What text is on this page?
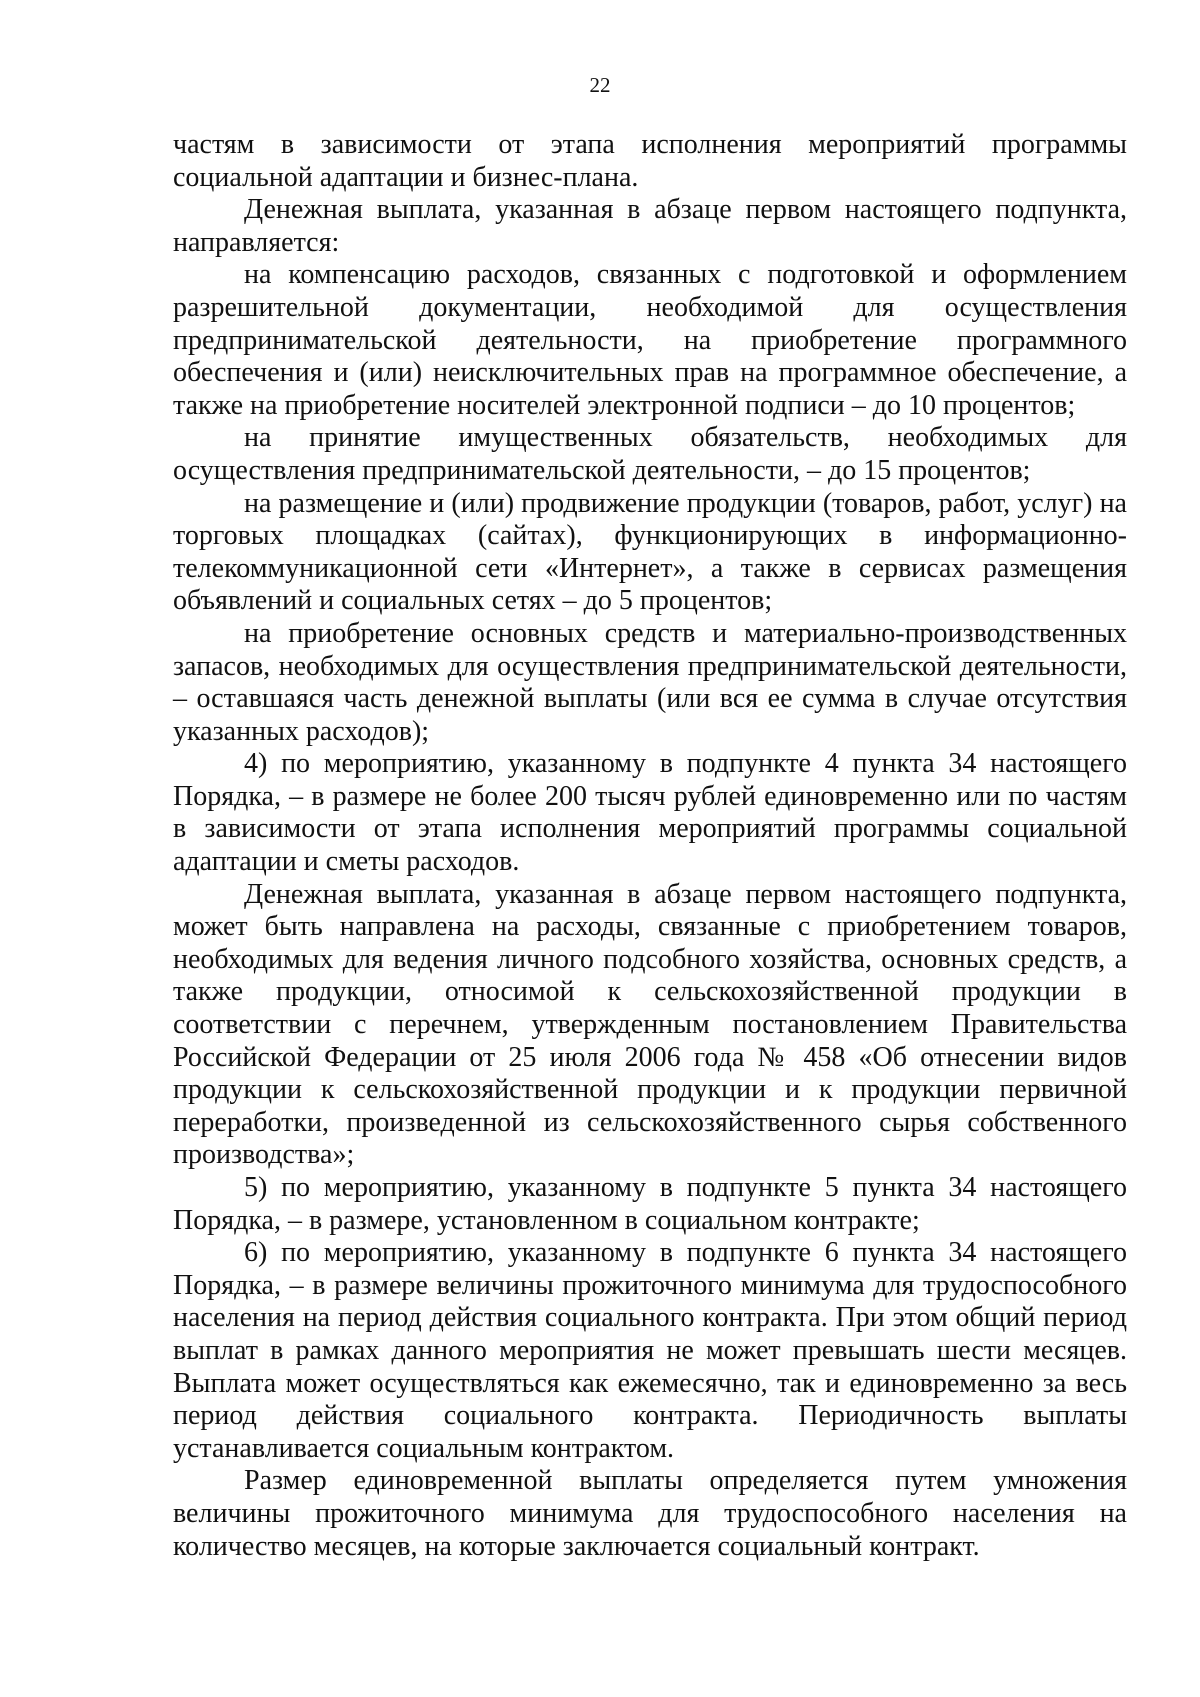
22

частям в зависимости от этапа исполнения мероприятий программы социальной адаптации и бизнес-плана.

Денежная выплата, указанная в абзаце первом настоящего подпункта, направляется:

на компенсацию расходов, связанных с подготовкой и оформлением разрешительной документации, необходимой для осуществления предпринимательской деятельности, на приобретение программного обеспечения и (или) неисключительных прав на программное обеспечение, а также на приобретение носителей электронной подписи – до 10 процентов;

на принятие имущественных обязательств, необходимых для осуществления предпринимательской деятельности, – до 15 процентов;

на размещение и (или) продвижение продукции (товаров, работ, услуг) на торговых площадках (сайтах), функционирующих в информационно-телекоммуникационной сети «Интернет», а также в сервисах размещения объявлений и социальных сетях – до 5 процентов;

на приобретение основных средств и материально-производственных запасов, необходимых для осуществления предпринимательской деятельности, – оставшаяся часть денежной выплаты (или вся ее сумма в случае отсутствия указанных расходов);

4) по мероприятию, указанному в подпункте 4 пункта 34 настоящего Порядка, – в размере не более 200 тысяч рублей единовременно или по частям в зависимости от этапа исполнения мероприятий программы социальной адаптации и сметы расходов.

Денежная выплата, указанная в абзаце первом настоящего подпункта, может быть направлена на расходы, связанные с приобретением товаров, необходимых для ведения личного подсобного хозяйства, основных средств, а также продукции, относимой к сельскохозяйственной продукции в соответствии с перечнем, утвержденным постановлением Правительства Российской Федерации от 25 июля 2006 года № 458 «Об отнесении видов продукции к сельскохозяйственной продукции и к продукции первичной переработки, произведенной из сельскохозяйственного сырья собственного производства»;

5) по мероприятию, указанному в подпункте 5 пункта 34 настоящего Порядка, – в размере, установленном в социальном контракте;

6) по мероприятию, указанному в подпункте 6 пункта 34 настоящего Порядка, – в размере величины прожиточного минимума для трудоспособного населения на период действия социального контракта. При этом общий период выплат в рамках данного мероприятия не может превышать шести месяцев. Выплата может осуществляться как ежемесячно, так и единовременно за весь период действия социального контракта. Периодичность выплаты устанавливается социальным контрактом.

Размер единовременной выплаты определяется путем умножения величины прожиточного минимума для трудоспособного населения на количество месяцев, на которые заключается социальный контракт.
